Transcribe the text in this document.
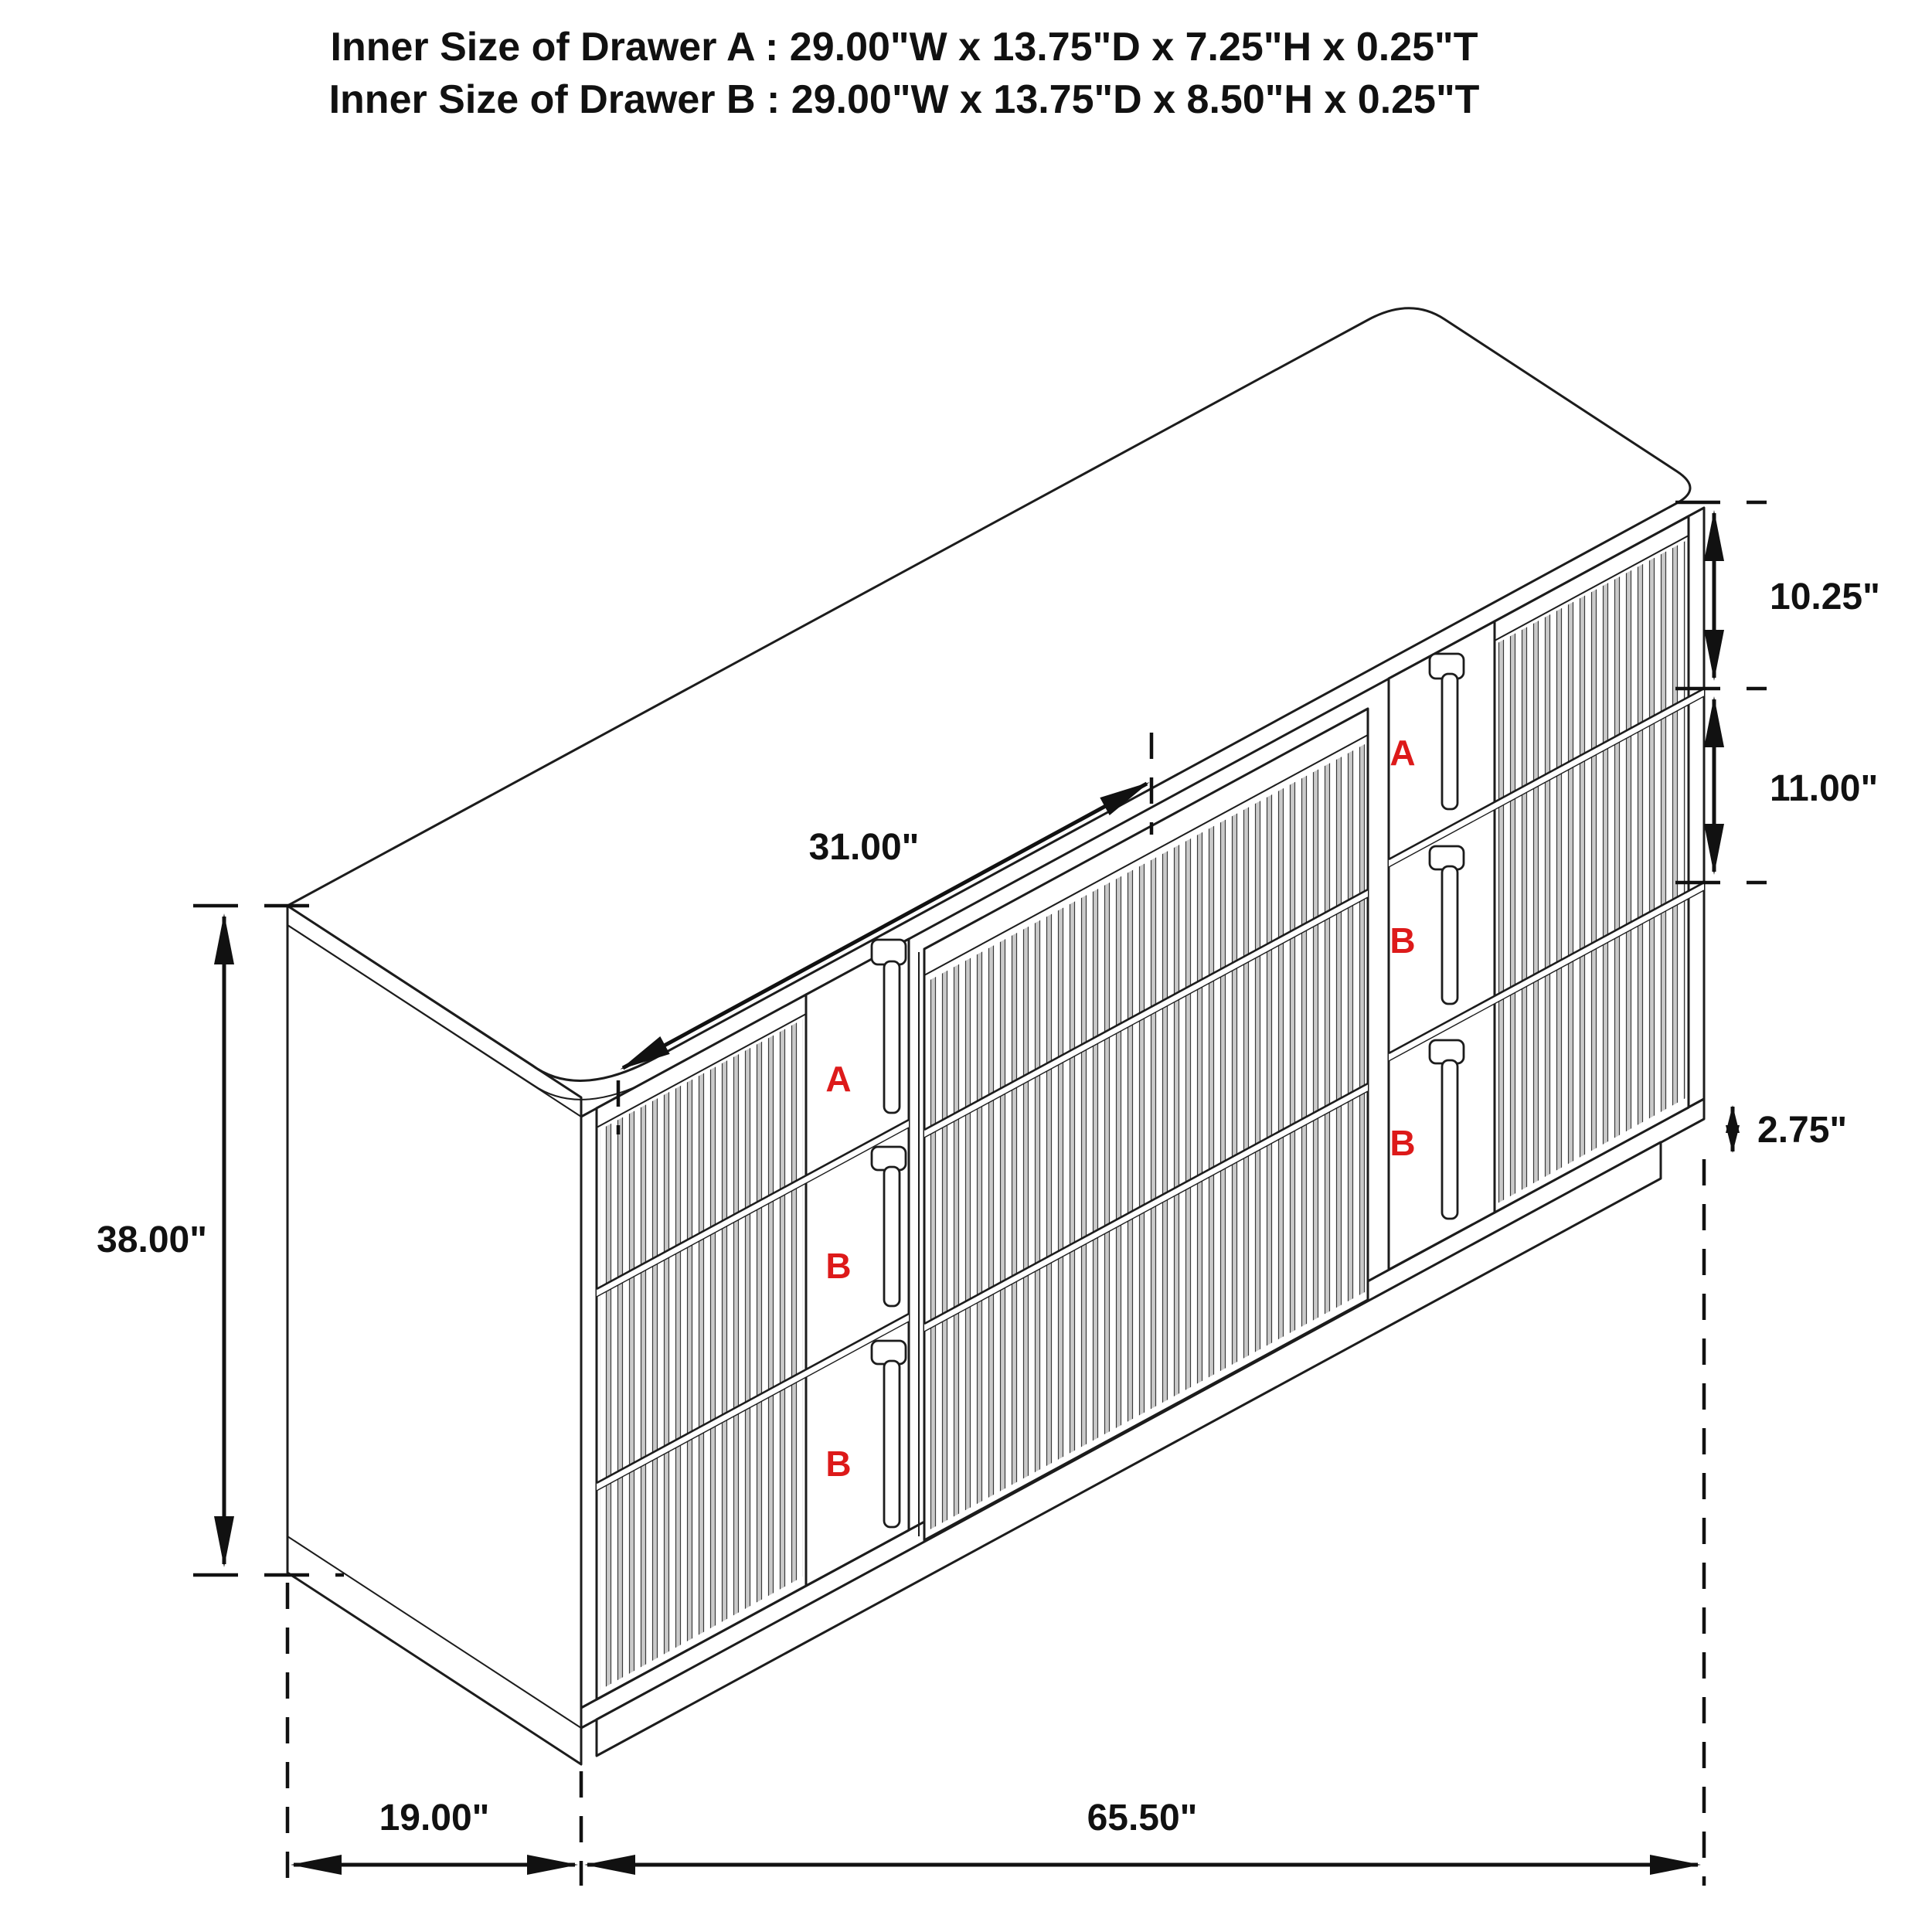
Inner Size of Drawer A : 29.00"W x 13.75"D x 7.25"H x 0.25"T
Inner Size of Drawer B : 29.00"W x 13.75"D x 8.50"H x 0.25"T
A
B
B
A
B
B
38.00"
10.25"
11.00"
2.75"
31.00"
19.00"	65.50"
